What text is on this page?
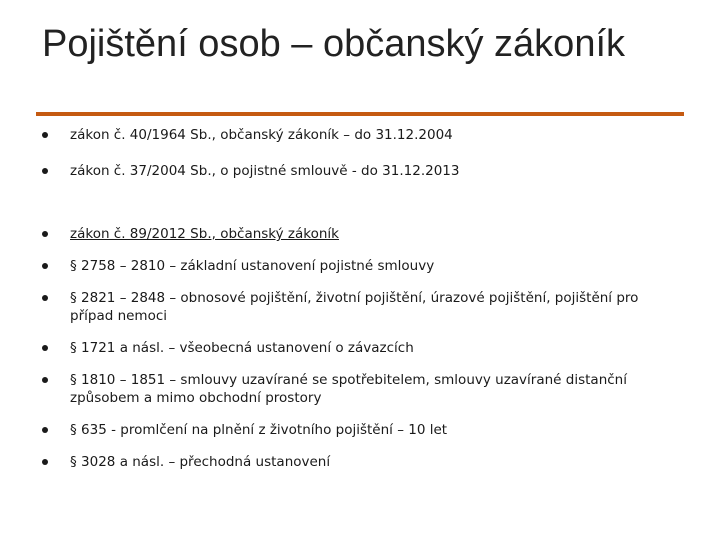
Pojištění osob – občanský zákoník
zákon č. 40/1964 Sb., občanský zákoník – do 31.12.2004
zákon č. 37/2004 Sb., o pojistné smlouvě - do 31.12.2013
zákon č. 89/2012 Sb., občanský zákoník
§ 2758 – 2810 – základní ustanovení pojistné smlouvy
§ 2821 – 2848 – obnosové pojištění, životní pojištění, úrazové pojištění, pojištění pro případ nemoci
§ 1721 a násl. – všeobecná ustanovení o závazcích
§ 1810 – 1851 – smlouvy uzavírané se spotřebitelem, smlouvy uzavírané distanční způsobem a mimo obchodní prostory
§ 635 - promlčení na plnění z životního pojištění – 10 let
§ 3028 a násl. – přechodná ustanovení
